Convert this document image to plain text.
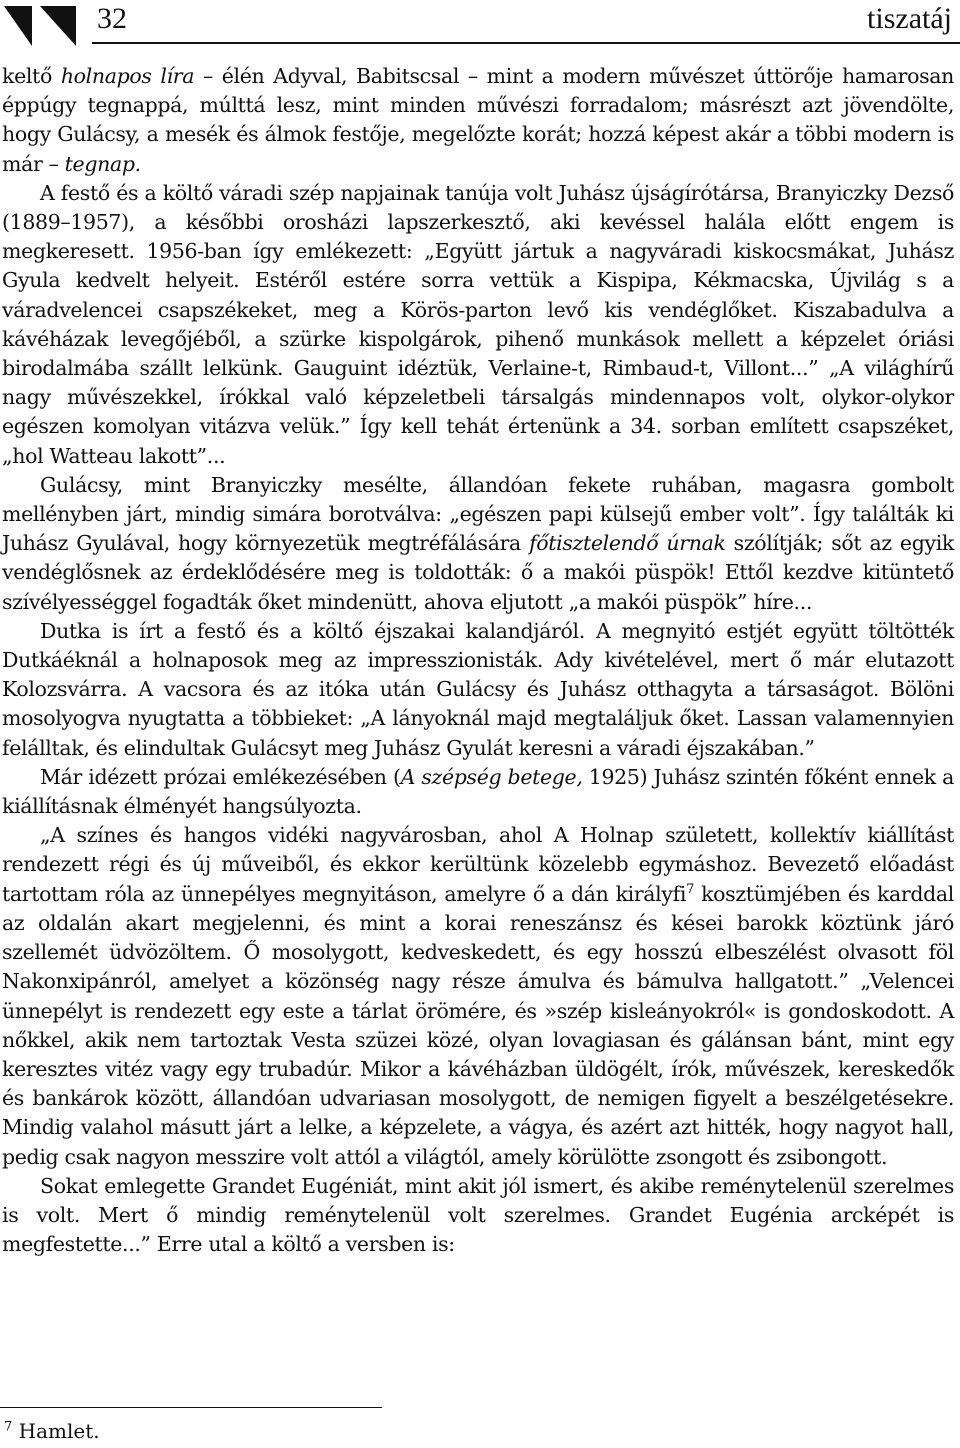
32	tiszatáj

keltő holnapos líra – élén Adyval, Babitscsal – mint a modern művészet úttörője hamarosan éppúgy tegnappá, múlttá lesz, mint minden művészi forradalom; másrészt azt jövendölte, hogy Gulácsy, a mesék és álmok festője, megelőzte korát; hozzá képest akár a többi modern is már – tegnap.

A festő és a költő váradi szép napjainak tanúja volt Juhász újságírótársa, Branyiczky Dezső (1889–1957), a későbbi orosházi lapszerkesztő, aki kevéssel halála előtt engem is megkeresett. 1956-ban így emlékezett: „Együtt jártuk a nagyváradi kiskocsmákat, Juhász Gyula kedvelt helyeit. Estéről estére sorra vettük a Kispipa, Kékmacska, Újvilág s a váradvelencei csapszékeket, meg a Körös-parton levő kis vendéglőket. Kiszabadulva a kávéházak levegőjéből, a szürke kispolgárok, pihenő munkások mellett a képzelet óriási birodalmába szállt lelkünk. Gauguint idéztük, Verlaine-t, Rimbaud-t, Villont...” „A világhírű nagy művészekkel, írókkal való képzeletbeli társalgás mindennapos volt, olykor-olykor egészen komolyan vitázva velük.” Így kell tehát értenünk a 34. sorban említett csapszéket, „hol Watteau lakott”...

Gulácsy, mint Branyiczky mesélte, állandóan fekete ruhában, magasra gombolt mellényben járt, mindig simára borotválva: „egészen papi külsejű ember volt”. Így találták ki Juhász Gyulával, hogy környezetük megtréfálására főtisztelendő úrnak szólítják; sőt az egyik vendéglősnek az érdeklődésére meg is toldották: ő a makói püspök! Ettől kezdve kitüntető szívélyességgel fogadták őket mindenütt, ahova eljutott „a makói püspök” híre...

Dutka is írt a festő és a költő éjszakai kalandjáról. A megnyitó estjét együtt töltötték Dutkáéknál a holnaposok meg az impresszionisták. Ady kivételével, mert ő már elutazott Kolozsvárra. A vacsora és az itóka után Gulácsy és Juhász otthagyta a társaságot. Bölöni mosolyogva nyugtatta a többieket: „A lányoknál majd megtaláljuk őket. Lassan valamennyien felálltak, és elindultak Gulácsyt meg Juhász Gyulát keresni a váradi éjszakában.”

Már idézett prózai emlékezésében (A szépség betege, 1925) Juhász szintén főként ennek a kiállításnak élményét hangsúlyozta.

„A színes és hangos vidéki nagyvárosban, ahol A Holnap született, kollektív kiállítást rendezett régi és új műveiből, és ekkor kerültünk közelebb egymáshoz. Bevezető előadást tartottam róla az ünnepélyes megnyitáson, amelyre ő a dán királyfi$^7$ kosztümjében és karddal az oldalán akart megjelenni, és mint a korai reneszánsz és kései barokk köztünk járó szellemét üdvözöltem. Ő mosolygott, kedveskedett, és egy hosszú elbeszélést olvasott föl Nakonxipánról, amelyet a közönség nagy része ámulva és bámulva hallgatott.” „Velencei ünnepélyt is rendezett egy este a tárlat örömére, és »szép kisleányokról« is gondoskodott. A nőkkel, akik nem tartoztak Vesta szüzei közé, olyan lovagiasan és gálánsan bánt, mint egy keresztes vitéz vagy egy trubadúr. Mikor a kávéházban üldögélt, írók, művészek, kereskedők és bankárok között, állandóan udvariasan mosolygott, de nemigen figyelt a beszélgetésekre. Mindig valahol másutt járt a lelke, a képzelete, a vágya, és azért azt hitték, hogy nagyot hall, pedig csak nagyon messzire volt attól a világtól, amely körülötte zsongott és zsibongott.

Sokat emlegette Grandet Eugéniát, mint akit jól ismert, és akibe reménytelenül szerelmes is volt. Mert ő mindig reménytelenül volt szerelmes. Grandet Eugénia arcképét is megfestette...” Erre utal a költő a versben is:

$^7$ Hamlet.
